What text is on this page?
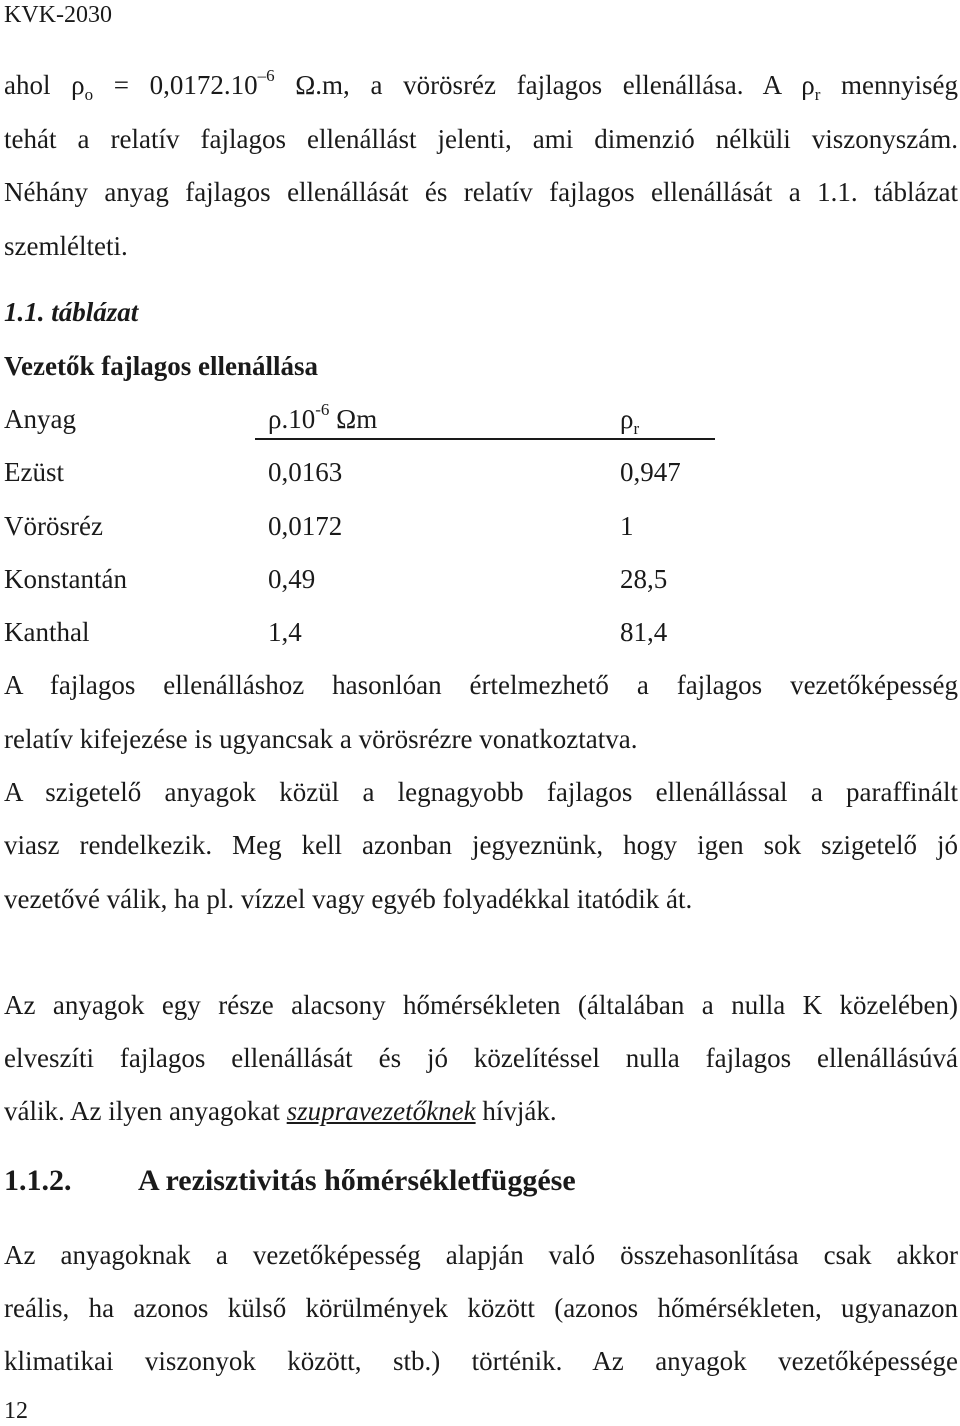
KVK-2030
ahol $\rho_o = 0,0172.10^{-6}$ Ω.m, a vörösréz fajlagos ellenállása. A $\rho_r$ mennyiség
tehát a relatív fajlagos ellenállást jelenti, ami dimenzió nélküli viszonyszám.
Néhány anyag fajlagos ellenállását és relatív fajlagos ellenállását a 1.1. táblázat
szemlélteti.
1.1. táblázat
Vezetők fajlagos ellenállása
Anyag	$\rho.10^{-6}$ Ωm	$\rho_r$
Ezüst	0,0163	0,947
Vörösréz	0,0172	1
Konstantán	0,49	28,5
Kanthal	1,4	81,4
A fajlagos ellenálláshoz hasonlóan értelmezhető a fajlagos vezetőképesség
relatív kifejezése is ugyancsak a vörösrézre vonatkoztatva.
A szigetelő anyagok közül a legnagyobb fajlagos ellenállással a paraffinált
viasz rendelkezik. Meg kell azonban jegyeznünk, hogy igen sok szigetelő jó
vezetővé válik, ha pl. vízzel vagy egyéb folyadékkal itatódik át.
Az anyagok egy része alacsony hőmérsékleten (általában a nulla K közelében)
elveszíti fajlagos ellenállását és jó közelítéssel nulla fajlagos ellenállásúvá
válik. Az ilyen anyagokat szupravezetőknek hívják.
1.1.2. A rezisztivitás hőmérsékletfüggése
Az anyagoknak a vezetőképesség alapján való összehasonlítása csak akkor
reális, ha azonos külső körülmények között (azonos hőmérsékleten, ugyanazon
klimatikai viszonyok között, stb.) történik. Az anyagok vezetőképessége
12
